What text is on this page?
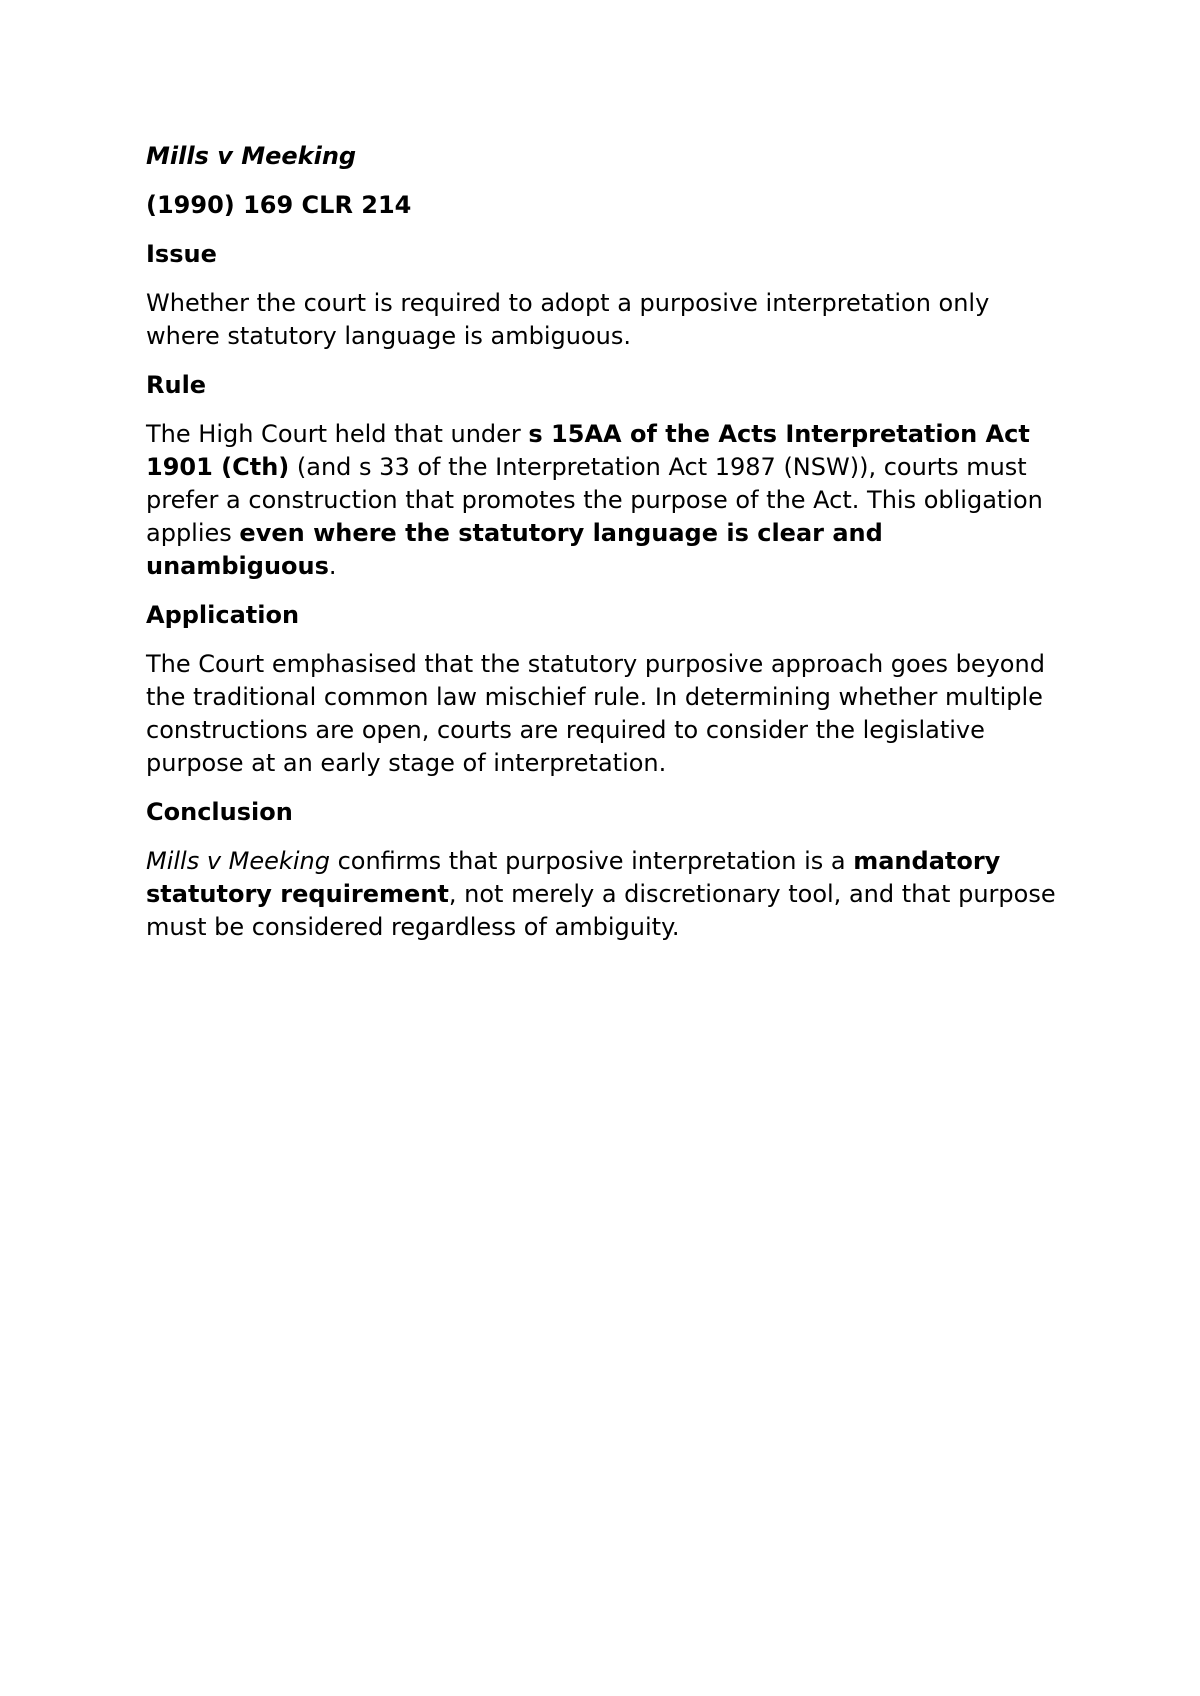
Mills v Meeking

(1990) 169 CLR 214

Issue

Whether the court is required to adopt a purposive interpretation only where statutory language is ambiguous.

Rule

The High Court held that under s 15AA of the Acts Interpretation Act 1901 (Cth) (and s 33 of the Interpretation Act 1987 (NSW)), courts must prefer a construction that promotes the purpose of the Act. This obligation applies even where the statutory language is clear and unambiguous.

Application

The Court emphasised that the statutory purposive approach goes beyond the traditional common law mischief rule. In determining whether multiple constructions are open, courts are required to consider the legislative purpose at an early stage of interpretation.

Conclusion

Mills v Meeking confirms that purposive interpretation is a mandatory statutory requirement, not merely a discretionary tool, and that purpose must be considered regardless of ambiguity.
